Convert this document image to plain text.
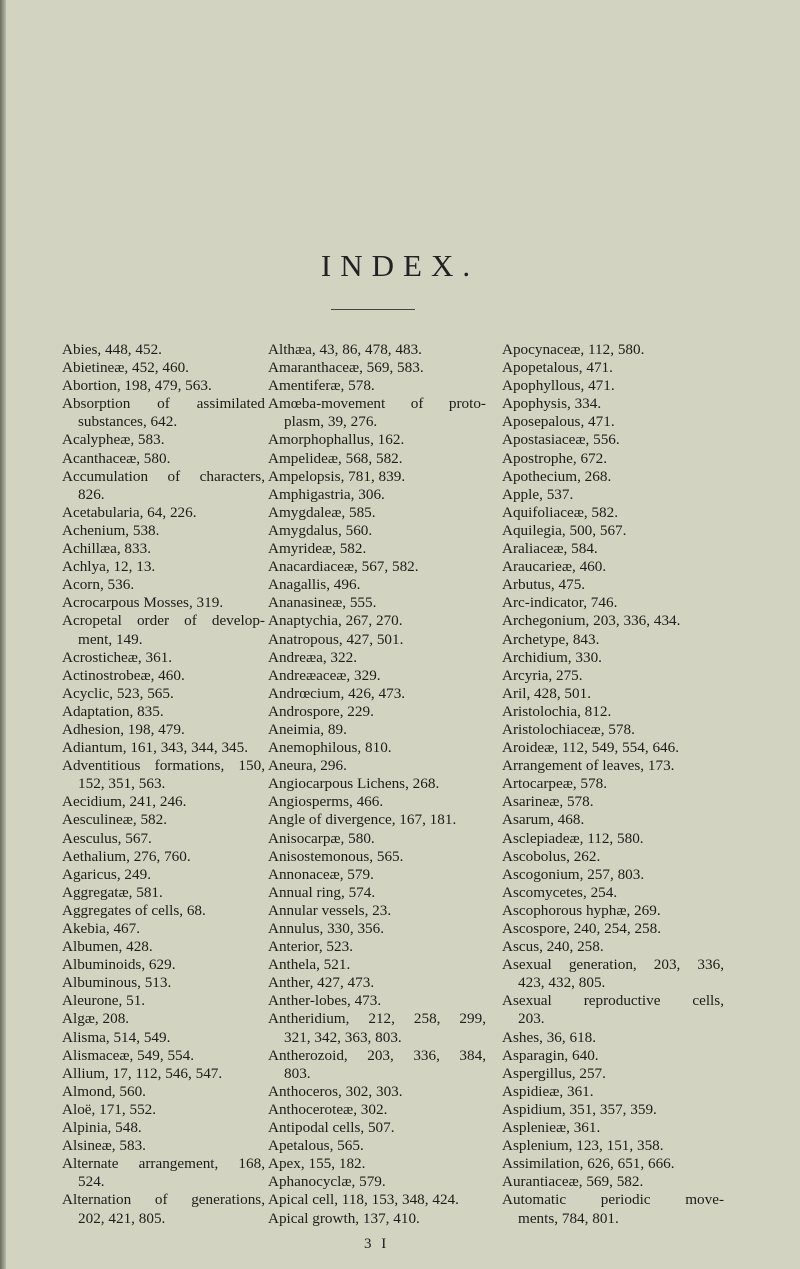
INDEX.
Abies, 448, 452.
Abietineæ, 452, 460.
Abortion, 198, 479, 563.
Absorption of assimilated
substances, 642.
Acalypheæ, 583.
Acanthaceæ, 580.
Accumulation of characters,
826.
Acetabularia, 64, 226.
Achenium, 538.
Achillæa, 833.
Achlya, 12, 13.
Acorn, 536.
Acrocarpous Mosses, 319.
Acropetal order of develop-
ment, 149.
Acrosticheæ, 361.
Actinostrobeæ, 460.
Acyclic, 523, 565.
Adaptation, 835.
Adhesion, 198, 479.
Adiantum, 161, 343, 344, 345.
Adventitious formations, 150,
152, 351, 563.
Aecidium, 241, 246.
Aesculineæ, 582.
Aesculus, 567.
Aethalium, 276, 760.
Agaricus, 249.
Aggregatæ, 581.
Aggregates of cells, 68.
Akebia, 467.
Albumen, 428.
Albuminoids, 629.
Albuminous, 513.
Aleurone, 51.
Algæ, 208.
Alisma, 514, 549.
Alismaceæ, 549, 554.
Allium, 17, 112, 546, 547.
Almond, 560.
Aloë, 171, 552.
Alpinia, 548.
Alsineæ, 583.
Alternate arrangement, 168,
524.
Alternation of generations,
202, 421, 805.
Althæa, 43, 86, 478, 483.
Amaranthaceæ, 569, 583.
Amentiferæ, 578.
Amœba-movement of proto-
plasm, 39, 276.
Amorphophallus, 162.
Ampelideæ, 568, 582.
Ampelopsis, 781, 839.
Amphigastria, 306.
Amygdaleæ, 585.
Amygdalus, 560.
Amyrideæ, 582.
Anacardiaceæ, 567, 582.
Anagallis, 496.
Ananasineæ, 555.
Anaptychia, 267, 270.
Anatropous, 427, 501.
Andreæa, 322.
Andreæaceæ, 329.
Andrœcium, 426, 473.
Androspore, 229.
Aneimia, 89.
Anemophilous, 810.
Aneura, 296.
Angiocarpous Lichens, 268.
Angiosperms, 466.
Angle of divergence, 167, 181.
Anisocarpæ, 580.
Anisostemonous, 565.
Annonaceæ, 579.
Annual ring, 574.
Annular vessels, 23.
Annulus, 330, 356.
Anterior, 523.
Anthela, 521.
Anther, 427, 473.
Anther-lobes, 473.
Antheridium, 212, 258, 299,
321, 342, 363, 803.
Antherozoid, 203, 336, 384,
803.
Anthoceros, 302, 303.
Anthoceroteæ, 302.
Antipodal cells, 507.
Apetalous, 565.
Apex, 155, 182.
Aphanocyclæ, 579.
Apical cell, 118, 153, 348, 424.
Apical growth, 137, 410.
Apocynaceæ, 112, 580.
Apopetalous, 471.
Apophyllous, 471.
Apophysis, 334.
Aposepalous, 471.
Apostasiaceæ, 556.
Apostrophe, 672.
Apothecium, 268.
Apple, 537.
Aquifoliaceæ, 582.
Aquilegia, 500, 567.
Araliaceæ, 584.
Araucarieæ, 460.
Arbutus, 475.
Arc-indicator, 746.
Archegonium, 203, 336, 434.
Archetype, 843.
Archidium, 330.
Arcyria, 275.
Aril, 428, 501.
Aristolochia, 812.
Aristolochiaceæ, 578.
Aroideæ, 112, 549, 554, 646.
Arrangement of leaves, 173.
Artocarpeæ, 578.
Asarineæ, 578.
Asarum, 468.
Asclepiadeæ, 112, 580.
Ascobolus, 262.
Ascogonium, 257, 803.
Ascomycetes, 254.
Ascophorous hyphæ, 269.
Ascospore, 240, 254, 258.
Ascus, 240, 258.
Asexual generation, 203, 336,
423, 432, 805.
Asexual reproductive cells,
203.
Ashes, 36, 618.
Asparagin, 640.
Aspergillus, 257.
Aspidieæ, 361.
Aspidium, 351, 357, 359.
Asplenieæ, 361.
Asplenium, 123, 151, 358.
Assimilation, 626, 651, 666.
Aurantiaceæ, 569, 582.
Automatic periodic move-
ments, 784, 801.
3 I
